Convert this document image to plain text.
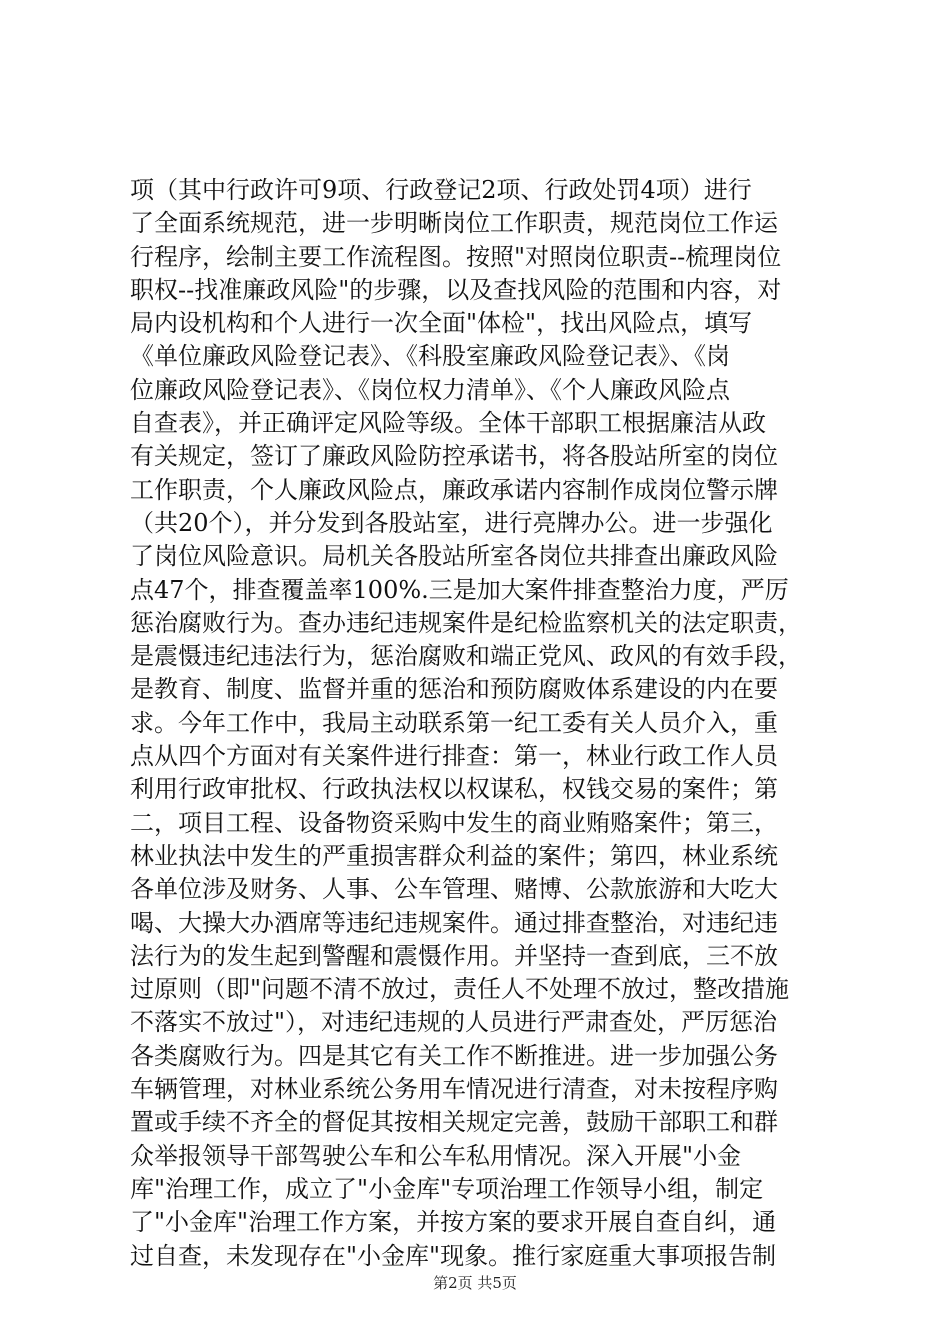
项（其中行政许可9项、行政登记2项、行政处罚4项）进行
了全面系统规范，进一步明晰岗位工作职责，规范岗位工作运
行程序，绘制主要工作流程图。按照"对照岗位职责--梳理岗位
职权--找准廉政风险"的步骤，以及查找风险的范围和内容，对
局内设机构和个人进行一次全面"体检"，找出风险点，填写
《单位廉政风险登记表》、《科股室廉政风险登记表》、《岗
位廉政风险登记表》、《岗位权力清单》、《个人廉政风险点
自查表》，并正确评定风险等级。全体干部职工根据廉洁从政
有关规定，签订了廉政风险防控承诺书，将各股站所室的岗位
工作职责，个人廉政风险点，廉政承诺内容制作成岗位警示牌
（共20个），并分发到各股站室，进行亮牌办公。进一步强化
了岗位风险意识。局机关各股站所室各岗位共排查出廉政风险
点47个，排查覆盖率100%.三是加大案件排查整治力度，严厉
惩治腐败行为。查办违纪违规案件是纪检监察机关的法定职责，
是震慑违纪违法行为，惩治腐败和端正党风、政风的有效手段，
是教育、制度、监督并重的惩治和预防腐败体系建设的内在要
求。今年工作中，我局主动联系第一纪工委有关人员介入，重
点从四个方面对有关案件进行排查：第一，林业行政工作人员
利用行政审批权、行政执法权以权谋私，权钱交易的案件；第
二，项目工程、设备物资采购中发生的商业贿赂案件；第三，
林业执法中发生的严重损害群众利益的案件；第四，林业系统
各单位涉及财务、人事、公车管理、赌博、公款旅游和大吃大
喝、大操大办酒席等违纪违规案件。通过排查整治，对违纪违
法行为的发生起到警醒和震慑作用。并坚持一查到底，三不放
过原则（即"问题不清不放过，责任人不处理不放过，整改措施
不落实不放过"），对违纪违规的人员进行严肃查处，严厉惩治
各类腐败行为。四是其它有关工作不断推进。进一步加强公务
车辆管理，对林业系统公务用车情况进行清查，对未按程序购
置或手续不齐全的督促其按相关规定完善，鼓励干部职工和群
众举报领导干部驾驶公车和公车私用情况。深入开展"小金
库"治理工作，成立了"小金库"专项治理工作领导小组，制定
了"小金库"治理工作方案，并按方案的要求开展自查自纠，通
过自查，未发现存在"小金库"现象。推行家庭重大事项报告制

第2页 共5页
